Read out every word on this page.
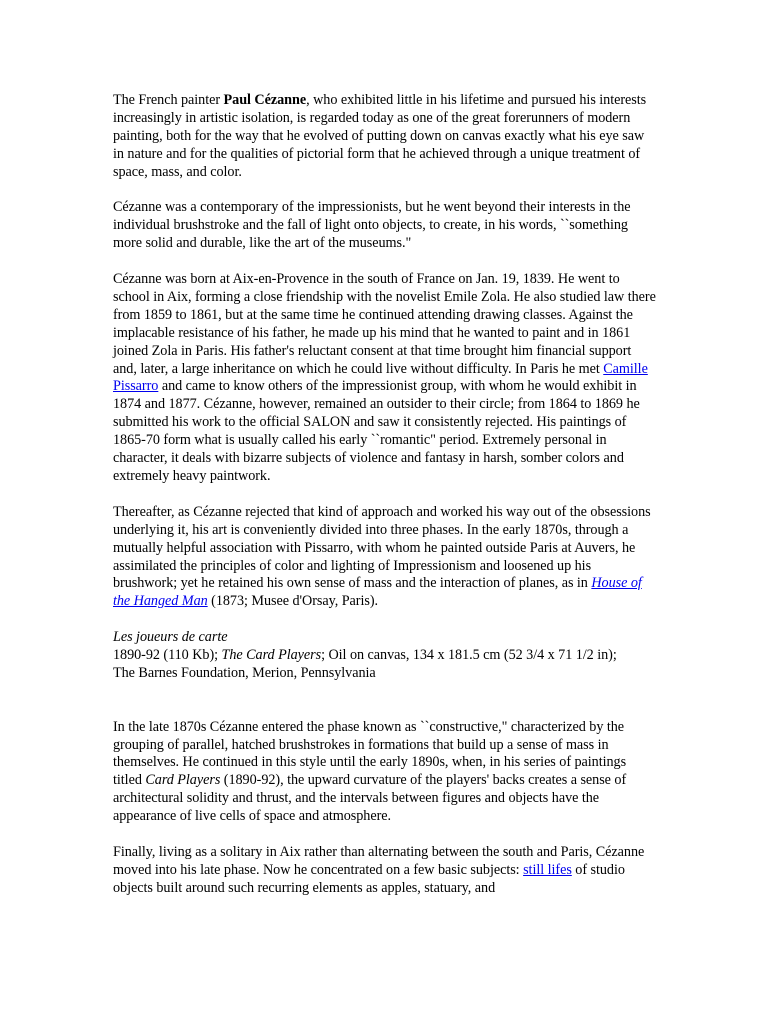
The French painter Paul Cézanne, who exhibited little in his lifetime and pursued his interests increasingly in artistic isolation, is regarded today as one of the great forerunners of modern painting, both for the way that he evolved of putting down on canvas exactly what his eye saw in nature and for the qualities of pictorial form that he achieved through a unique treatment of space, mass, and color.

Cézanne was a contemporary of the impressionists, but he went beyond their interests in the individual brushstroke and the fall of light onto objects, to create, in his words, ``something more solid and durable, like the art of the museums."

Cézanne was born at Aix-en-Provence in the south of France on Jan. 19, 1839. He went to school in Aix, forming a close friendship with the novelist Emile Zola. He also studied law there from 1859 to 1861, but at the same time he continued attending drawing classes. Against the implacable resistance of his father, he made up his mind that he wanted to paint and in 1861 joined Zola in Paris. His father's reluctant consent at that time brought him financial support and, later, a large inheritance on which he could live without difficulty. In Paris he met Camille Pissarro and came to know others of the impressionist group, with whom he would exhibit in 1874 and 1877. Cézanne, however, remained an outsider to their circle; from 1864 to 1869 he submitted his work to the official SALON and saw it consistently rejected. His paintings of 1865-70 form what is usually called his early ``romantic" period. Extremely personal in character, it deals with bizarre subjects of violence and fantasy in harsh, somber colors and extremely heavy paintwork.

Thereafter, as Cézanne rejected that kind of approach and worked his way out of the obsessions underlying it, his art is conveniently divided into three phases. In the early 1870s, through a mutually helpful association with Pissarro, with whom he painted outside Paris at Auvers, he assimilated the principles of color and lighting of Impressionism and loosened up his brushwork; yet he retained his own sense of mass and the interaction of planes, as in House of the Hanged Man (1873; Musee d'Orsay, Paris).

Les joueurs de carte
1890-92 (110 Kb); The Card Players; Oil on canvas, 134 x 181.5 cm (52 3/4 x 71 1/2 in);
The Barnes Foundation, Merion, Pennsylvania

In the late 1870s Cézanne entered the phase known as ``constructive," characterized by the grouping of parallel, hatched brushstrokes in formations that build up a sense of mass in themselves. He continued in this style until the early 1890s, when, in his series of paintings titled Card Players (1890-92), the upward curvature of the players' backs creates a sense of architectural solidity and thrust, and the intervals between figures and objects have the appearance of live cells of space and atmosphere.

Finally, living as a solitary in Aix rather than alternating between the south and Paris, Cézanne moved into his late phase. Now he concentrated on a few basic subjects: still lifes of studio objects built around such recurring elements as apples, statuary, and
